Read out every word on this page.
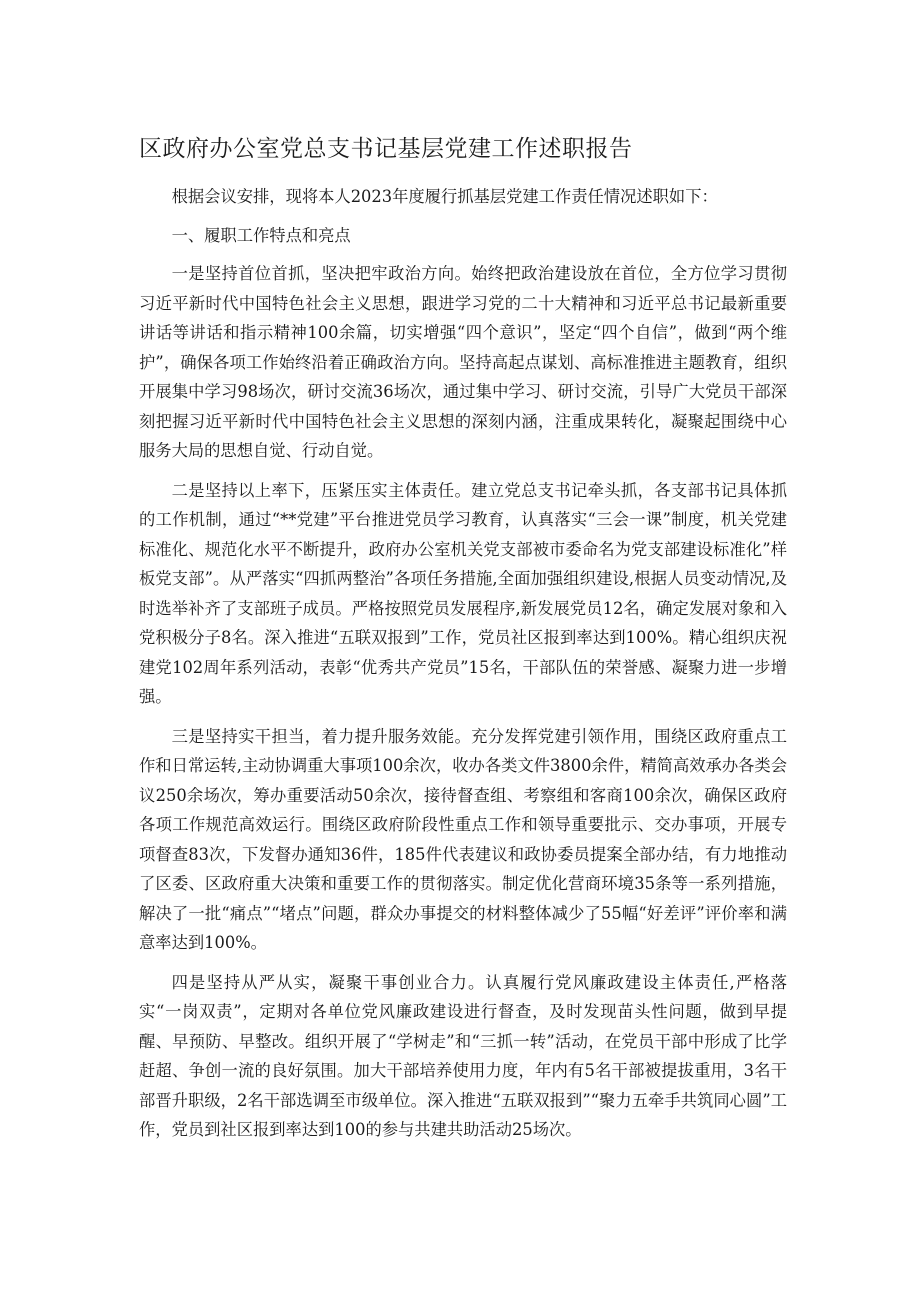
区政府办公室党总支书记基层党建工作述职报告

根据会议安排，现将本人2023年度履行抓基层党建工作责任情况述职如下：

一、履职工作特点和亮点

一是坚持首位首抓，坚决把牢政治方向。始终把政治建设放在首位，全方位学习贯彻习近平新时代中国特色社会主义思想，跟进学习党的二十大精神和习近平总书记最新重要讲话等讲话和指示精神100余篇，切实增强“四个意识”，坚定“四个自信”，做到“两个维护”，确保各项工作始终沿着正确政治方向。坚持高起点谋划、高标准推进主题教育，组织开展集中学习98场次，研讨交流36场次，通过集中学习、研讨交流，引导广大党员干部深刻把握习近平新时代中国特色社会主义思想的深刻内涵，注重成果转化，凝聚起围绕中心服务大局的思想自觉、行动自觉。

二是坚持以上率下，压紧压实主体责任。建立党总支书记牵头抓，各支部书记具体抓的工作机制，通过“**党建”平台推进党员学习教育，认真落实“三会一课”制度，机关党建标准化、规范化水平不断提升，政府办公室机关党支部被市委命名为党支部建设标准化”样板党支部”。从严落实“四抓两整治”各项任务措施,全面加强组织建设,根据人员变动情况,及时选举补齐了支部班子成员。严格按照党员发展程序,新发展党员12名，确定发展对象和入党积极分子8名。深入推进“五联双报到”工作，党员社区报到率达到100%。精心组织庆祝建党102周年系列活动，表彰“优秀共产党员”15名，干部队伍的荣誉感、凝聚力进一步增强。

三是坚持实干担当，着力提升服务效能。充分发挥党建引领作用，围绕区政府重点工作和日常运转,主动协调重大事项100余次，收办各类文件3800余件，精简高效承办各类会议250余场次，筹办重要活动50余次，接待督查组、考察组和客商100余次，确保区政府各项工作规范高效运行。围绕区政府阶段性重点工作和领导重要批示、交办事项，开展专项督查83次，下发督办通知36件，185件代表建议和政协委员提案全部办结，有力地推动了区委、区政府重大决策和重要工作的贯彻落实。制定优化营商环境35条等一系列措施，解决了一批“痛点”“堵点”问题，群众办事提交的材料整体减少了55幅“好差评”评价率和满意率达到100%。

四是坚持从严从实，凝聚干事创业合力。认真履行党风廉政建设主体责任,严格落实“一岗双责”，定期对各单位党风廉政建设进行督查，及时发现苗头性问题，做到早提醒、早预防、早整改。组织开展了“学树走”和“三抓一转”活动，在党员干部中形成了比学赶超、争创一流的良好氛围。加大干部培养使用力度，年内有5名干部被提拔重用，3名干部晋升职级，2名干部选调至市级单位。深入推进“五联双报到”“聚力五牵手共筑同心圆”工作，党员到社区报到率达到100的参与共建共助活动25场次。
